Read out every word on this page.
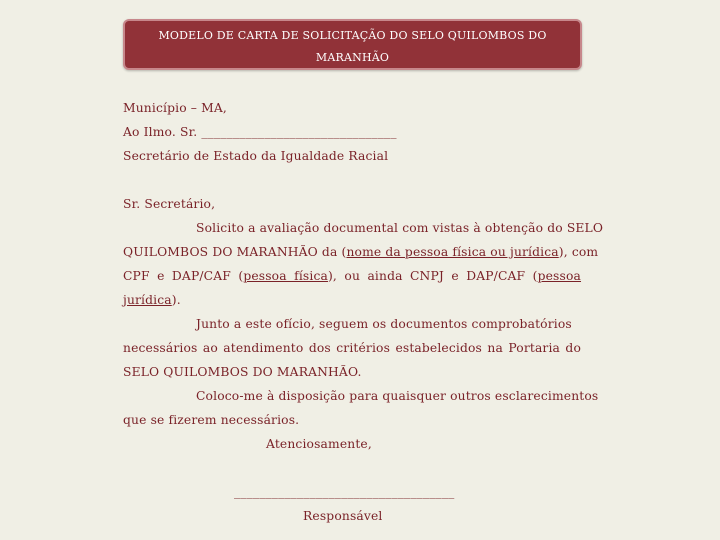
MODELO DE CARTA DE SOLICITAÇÃO DO SELO QUILOMBOS DO
MARANHÃO
Município – MA,
Ao Ilmo. Sr. _______________________________
Secretário de Estado da Igualdade Racial
Sr. Secretário,
Solicito a avaliação documental com vistas à obtenção do SELO
QUILOMBOS DO MARANHÃO da (nome da pessoa física ou jurídica), com
CPF e DAP/CAF (pessoa física), ou ainda CNPJ e DAP/CAF (pessoa
jurídica).
Junto a este ofício, seguem os documentos comprobatórios
necessários ao atendimento dos critérios estabelecidos na Portaria do
SELO QUILOMBOS DO MARANHÃO.
Coloco-me à disposição para quaisquer outros esclarecimentos
que se fizerem necessários.
Atenciosamente,
___________________________________
Responsável
